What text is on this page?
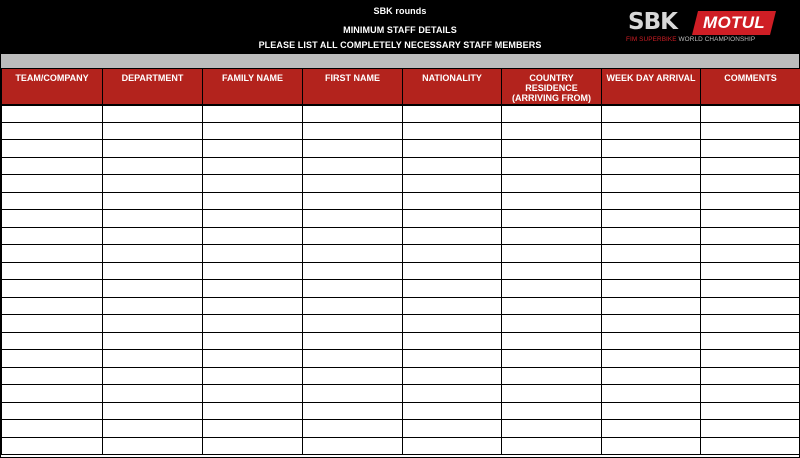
SBK rounds
MINIMUM STAFF DETAILS
PLEASE LIST ALL COMPLETELY NECESSARY STAFF MEMBERS
SBK	MOTUL
FIM SUPERBIKE WORLD CHAMPIONSHIP
TEAM/COMPANY	DEPARTMENT	FAMILY NAME	FIRST NAME	NATIONALITY	COUNTRY RESIDENCE (ARRIVING FROM)	WEEK DAY ARRIVAL	COMMENTS
